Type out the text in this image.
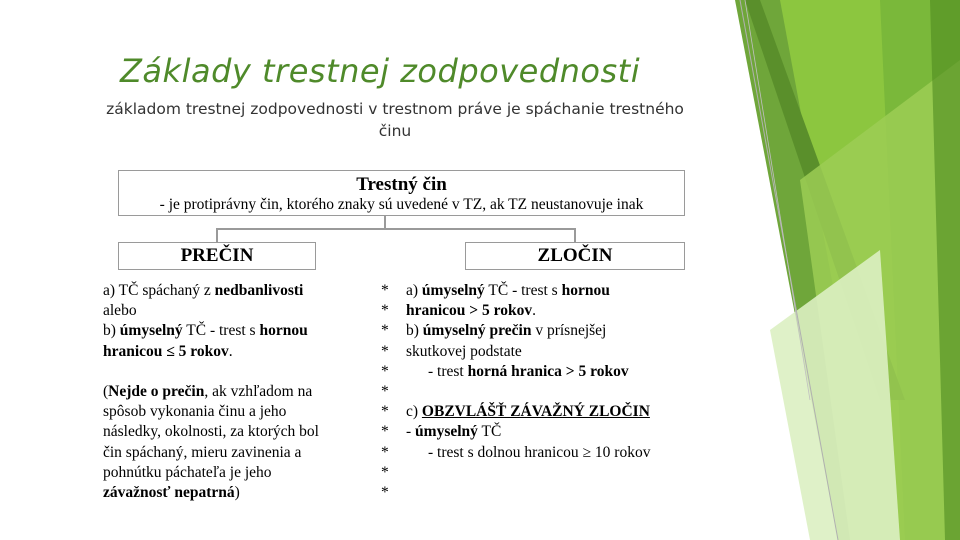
Základy trestnej zodpovednosti
základom trestnej zodpovednosti v trestnom práve je spáchanie trestného činu
Trestný čin
- je protiprávny čin, ktorého znaky sú uvedené v TZ, ak TZ neustanovuje inak
PREČIN	ZLOČIN
a) TČ spáchaný z nedbanlivosti
alebo
b) úmyselný TČ - trest s hornou
hranicou ≤ 5 rokov.
(Nejde o prečin, ak vzhľadom na
spôsob vykonania činu a jeho
následky, okolnosti, za ktorých bol
čin spáchaný, mieru zavinenia a
pohnútku páchateľa je jeho
závažnosť nepatrná)
*
*
*
*
*
*
*
*
*
*
*
a) úmyselný TČ - trest s hornou
hranicou > 5 rokov.
b) úmyselný prečin v prísnejšej
skutkovej podstate
- trest horná hranica > 5 rokov
c) OBZVLÁŠŤ ZÁVAŽNÝ ZLOČIN
- úmyselný TČ
- trest s dolnou hranicou ≥ 10 rokov
